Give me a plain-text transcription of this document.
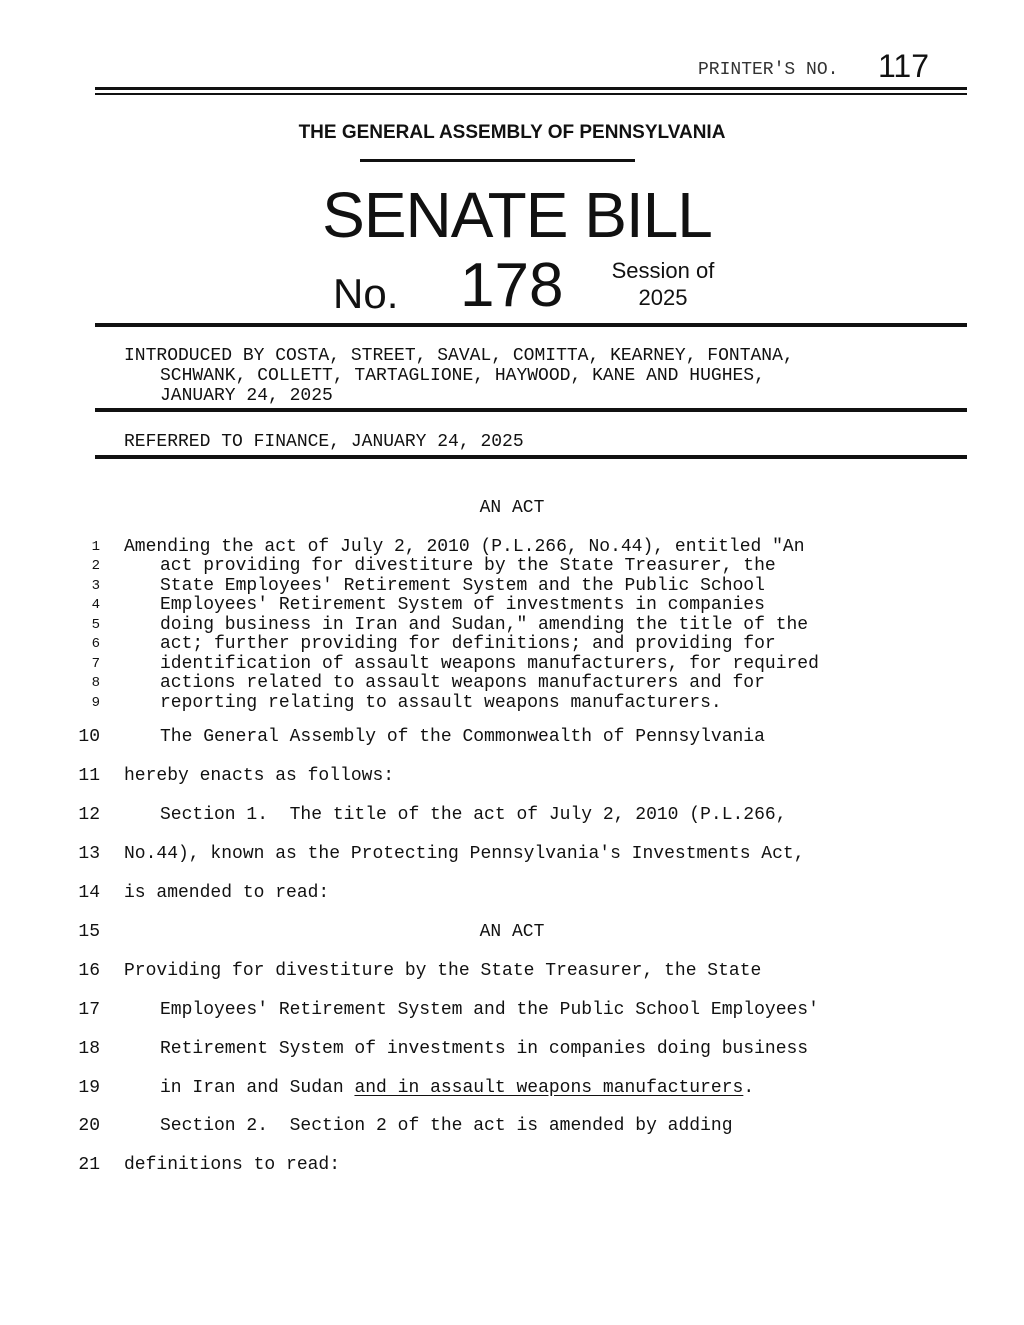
PRINTER'S NO. 117
THE GENERAL ASSEMBLY OF PENNSYLVANIA
SENATE BILL
No. 178	Session of
2025
INTRODUCED BY COSTA, STREET, SAVAL, COMITTA, KEARNEY, FONTANA,
SCHWANK, COLLETT, TARTAGLIONE, HAYWOOD, KANE AND HUGHES,
JANUARY 24, 2025
REFERRED TO FINANCE, JANUARY 24, 2025
AN ACT
1 Amending the act of July 2, 2010 (P.L.266, No.44), entitled "An
2	act providing for divestiture by the State Treasurer, the
3	State Employees' Retirement System and the Public School
4	Employees' Retirement System of investments in companies
5	doing business in Iran and Sudan," amending the title of the
6	act; further providing for definitions; and providing for
7	identification of assault weapons manufacturers, for required
8	actions related to assault weapons manufacturers and for
9	reporting relating to assault weapons manufacturers.
10	The General Assembly of the Commonwealth of Pennsylvania
11 hereby enacts as follows:
12	Section 1.  The title of the act of July 2, 2010 (P.L.266,
13 No.44), known as the Protecting Pennsylvania's Investments Act,
14 is amended to read:
15	AN ACT
16 Providing for divestiture by the State Treasurer, the State
17	Employees' Retirement System and the Public School Employees'
18	Retirement System of investments in companies doing business
19	in Iran and Sudan and in assault weapons manufacturers.
20	Section 2.  Section 2 of the act is amended by adding
21 definitions to read:
